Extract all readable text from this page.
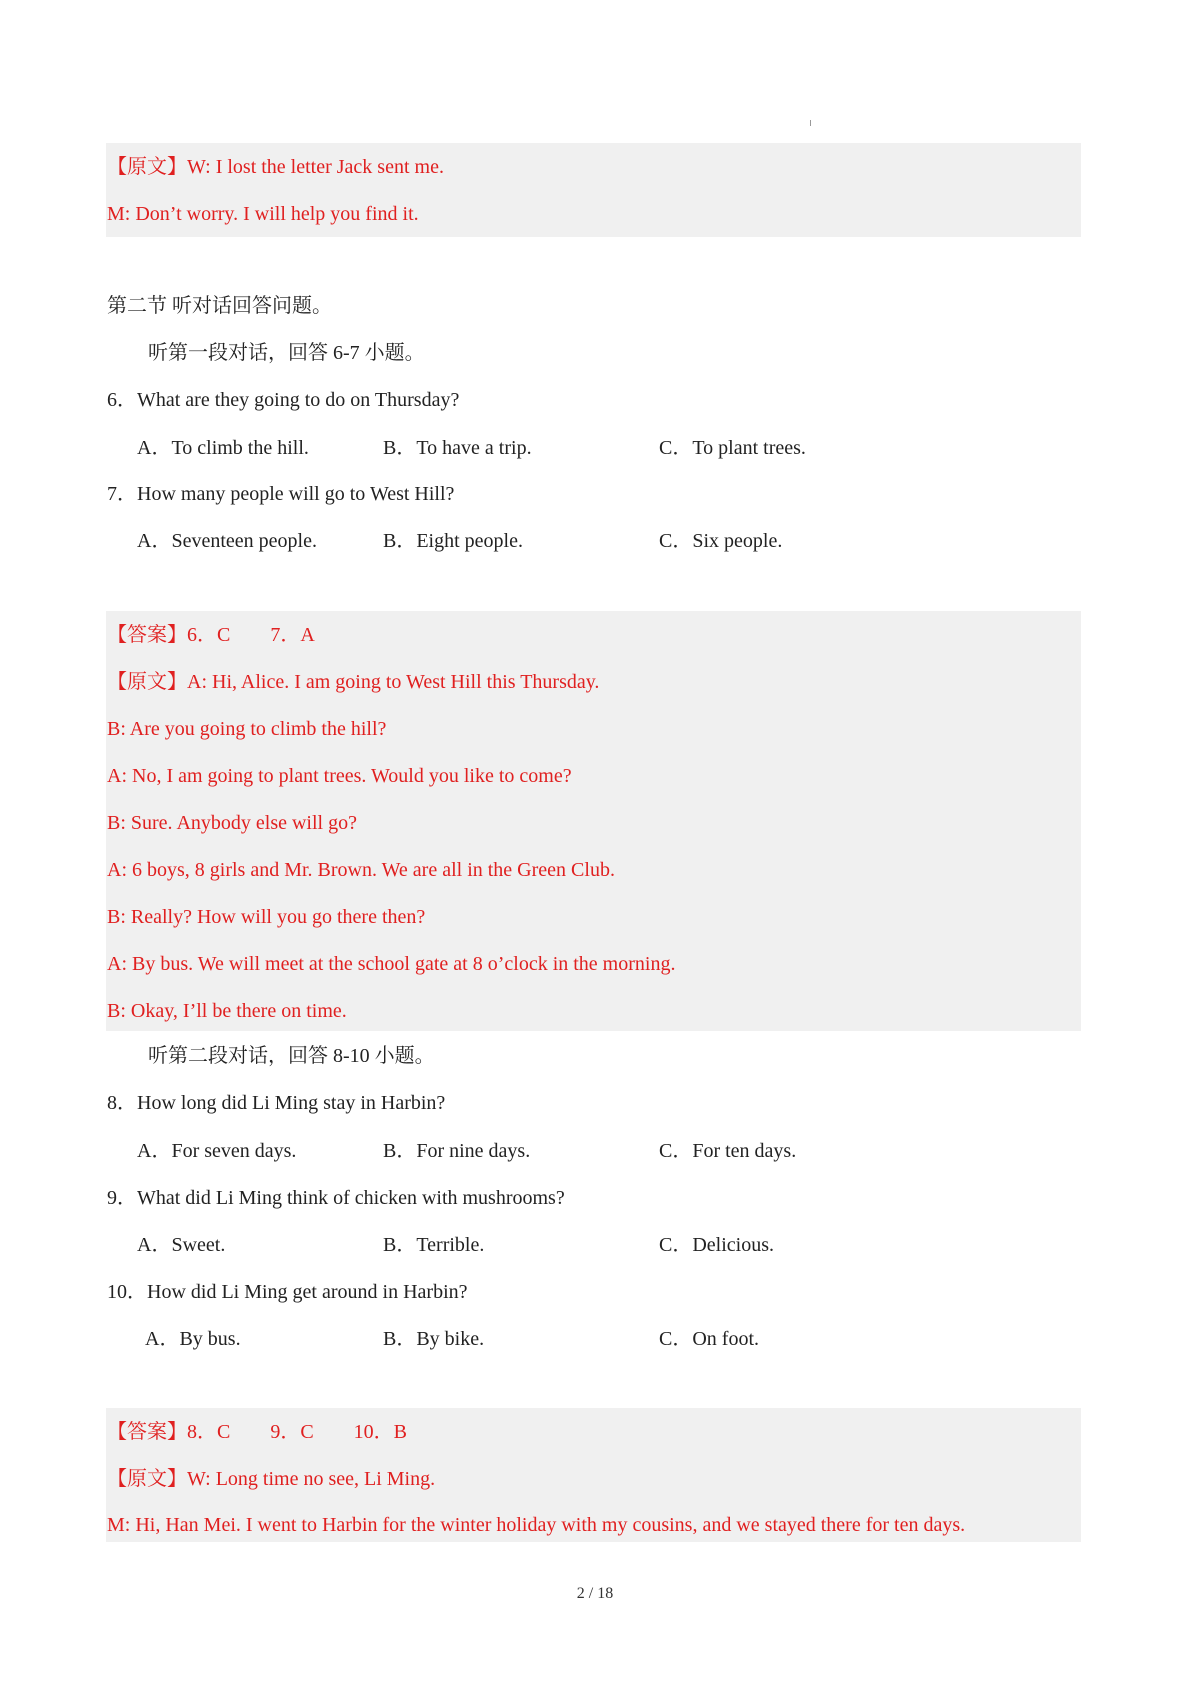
【原文】W: I lost the letter Jack sent me.
M: Don’t worry. I will help you find it.
第二节 听对话回答问题。
听第一段对话，回答 6-7 小题。
6．What are they going to do on Thursday?
A．To climb the hill.	B．To have a trip.	C．To plant trees.
7．How many people will go to West Hill?
A．Seventeen people.	B．Eight people.	C．Six people.
【答案】6．C　　7．A
【原文】A: Hi, Alice. I am going to West Hill this Thursday.
B: Are you going to climb the hill?
A: No, I am going to plant trees. Would you like to come?
B: Sure. Anybody else will go?
A: 6 boys, 8 girls and Mr. Brown. We are all in the Green Club.
B: Really? How will you go there then?
A: By bus. We will meet at the school gate at 8 o’clock in the morning.
B: Okay, I’ll be there on time.
听第二段对话，回答 8-10 小题。
8．How long did Li Ming stay in Harbin?
A．For seven days.	B．For nine days.	C．For ten days.
9．What did Li Ming think of chicken with mushrooms?
A．Sweet.	B．Terrible.	C．Delicious.
10．How did Li Ming get around in Harbin?
A．By bus.	B．By bike.	C．On foot.
【答案】8．C　　9．C　　10．B
【原文】W: Long time no see, Li Ming.
M: Hi, Han Mei. I went to Harbin for the winter holiday with my cousins, and we stayed there for ten days.
2 / 18
